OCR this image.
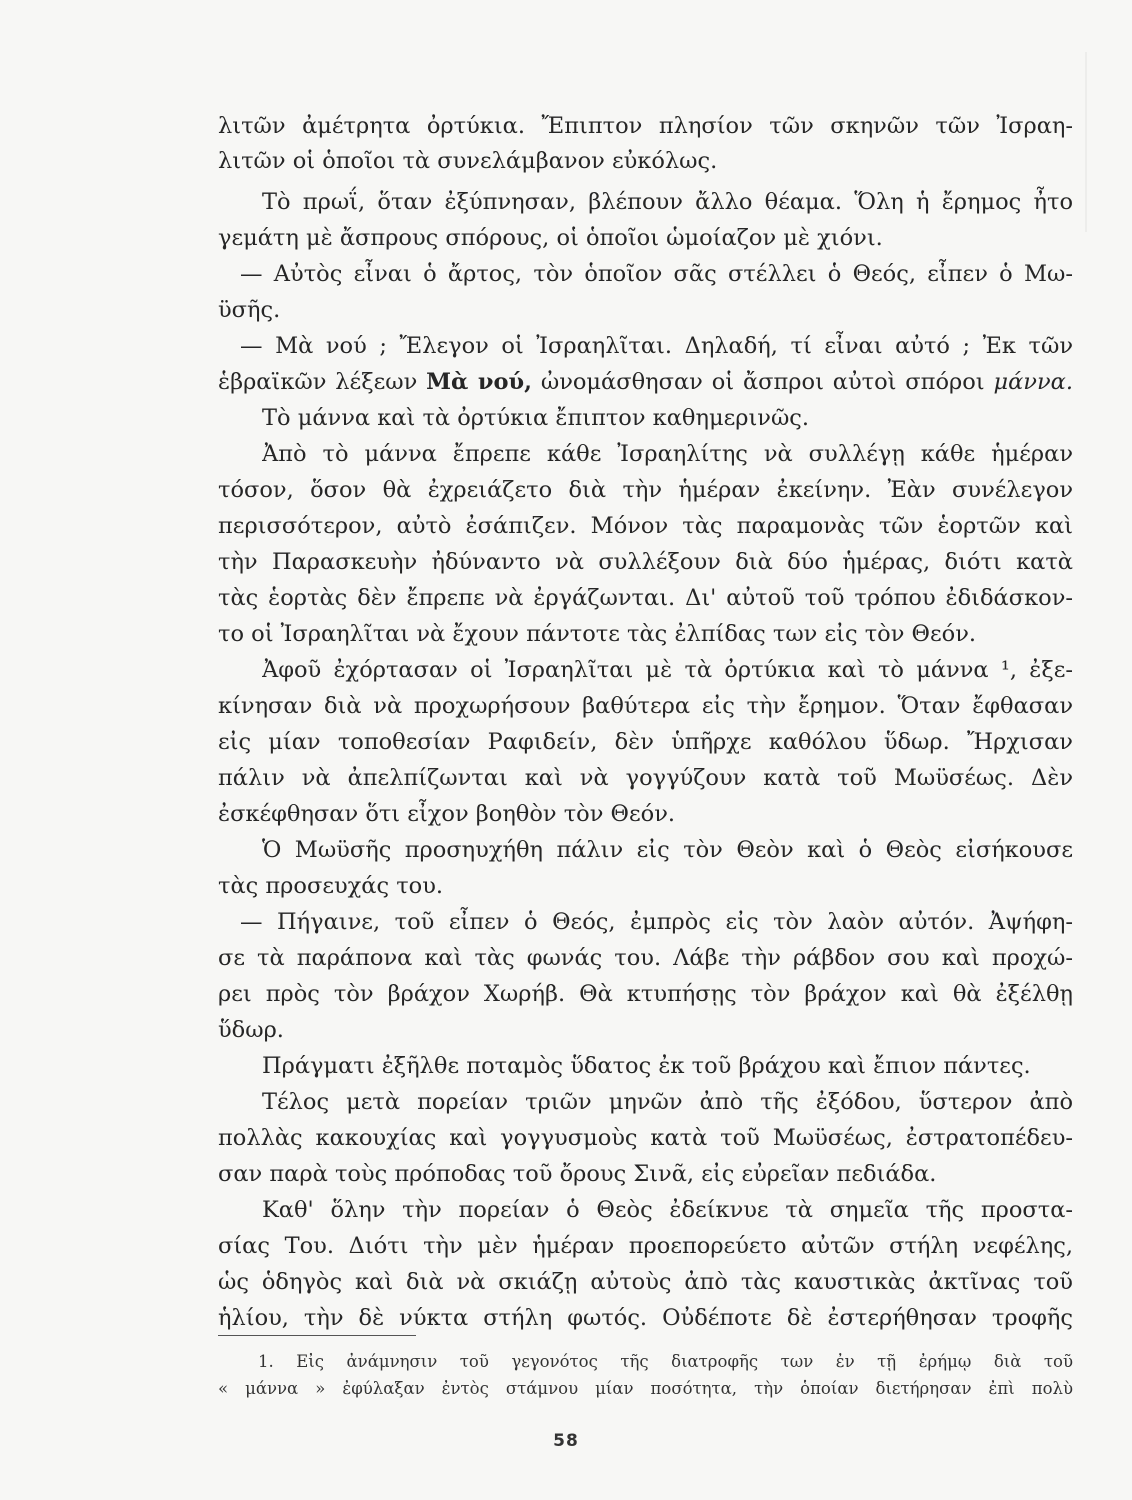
λιτῶν ἀμέτρητα ὀρτύκια. Ἔπιπτον πλησίον τῶν σκηνῶν τῶν Ἰσραη-
λιτῶν οἱ ὁποῖοι τὰ συνελάμβανον εὐκόλως.
Τὸ πρωΐ, ὅταν ἐξύπνησαν, βλέπουν ἄλλο θέαμα. Ὅλη ἡ ἔρημος ἦτο
γεμάτη μὲ ἄσπρους σπόρους, οἱ ὁποῖοι ὡμοίαζον μὲ χιόνι.
— Αὐτὸς εἶναι ὁ ἄρτος, τὸν ὁποῖον σᾶς στέλλει ὁ Θεός, εἶπεν ὁ Μω-
ϋσῆς.
— Μὰ νού ; Ἔλεγον οἱ Ἰσραηλῖται. Δηλαδή, τί εἶναι αὐτό ; Ἐκ τῶν
ἑβραϊκῶν λέξεων Μὰ νού, ὠνομάσθησαν οἱ ἄσπροι αὐτοὶ σπόροι μάννα.
Τὸ μάννα καὶ τὰ ὀρτύκια ἔπιπτον καθημερινῶς.
Ἀπὸ τὸ μάννα ἔπρεπε κάθε Ἰσραηλίτης νὰ συλλέγῃ κάθε ἡμέραν
τόσον, ὅσον θὰ ἐχρειάζετο διὰ τὴν ἡμέραν ἐκείνην. Ἐὰν συνέλεγον
περισσότερον, αὐτὸ ἐσάπιζεν. Μόνον τὰς παραμονὰς τῶν ἑορτῶν καὶ
τὴν Παρασκευὴν ἠδύναντο νὰ συλλέξουν διὰ δύο ἡμέρας, διότι κατὰ
τὰς ἑορτὰς δὲν ἔπρεπε νὰ ἐργάζωνται. Δι' αὐτοῦ τοῦ τρόπου ἐδιδάσκον-
το οἱ Ἰσραηλῖται νὰ ἔχουν πάντοτε τὰς ἐλπίδας των εἰς τὸν Θεόν.
Ἀφοῦ ἐχόρτασαν οἱ Ἰσραηλῖται μὲ τὰ ὀρτύκια καὶ τὸ μάννα ¹, ἐξε-
κίνησαν διὰ νὰ προχωρήσουν βαθύτερα εἰς τὴν ἔρημον. Ὅταν ἔφθασαν
εἰς μίαν τοποθεσίαν Ραφιδείν, δὲν ὑπῆρχε καθόλου ὕδωρ. Ἤρχισαν
πάλιν νὰ ἀπελπίζωνται καὶ νὰ γογγύζουν κατὰ τοῦ Μωϋσέως. Δὲν
ἐσκέφθησαν ὅτι εἶχον βοηθὸν τὸν Θεόν.
Ὁ Μωϋσῆς προσηυχήθη πάλιν εἰς τὸν Θεὸν καὶ ὁ Θεὸς εἰσήκουσε
τὰς προσευχάς του.
— Πήγαινε, τοῦ εἶπεν ὁ Θεός, ἐμπρὸς εἰς τὸν λαὸν αὐτόν. Ἀψήφη-
σε τὰ παράπονα καὶ τὰς φωνάς του. Λάβε τὴν ράβδον σου καὶ προχώ-
ρει πρὸς τὸν βράχον Χωρήβ. Θὰ κτυπήσῃς τὸν βράχον καὶ θὰ ἐξέλθῃ
ὕδωρ.
Πράγματι ἐξῆλθε ποταμὸς ὕδατος ἐκ τοῦ βράχου καὶ ἔπιον πάντες.
Τέλος μετὰ πορείαν τριῶν μηνῶν ἀπὸ τῆς ἐξόδου, ὕστερον ἀπὸ
πολλὰς κακουχίας καὶ γογγυσμοὺς κατὰ τοῦ Μωϋσέως, ἐστρατοπέδευ-
σαν παρὰ τοὺς πρόποδας τοῦ ὄρους Σινᾶ, εἰς εὐρεῖαν πεδιάδα.
Καθ' ὅλην τὴν πορείαν ὁ Θεὸς ἐδείκνυε τὰ σημεῖα τῆς προστα-
σίας Του. Διότι τὴν μὲν ἡμέραν προεπορεύετο αὐτῶν στήλη νεφέλης,
ὡς ὁδηγὸς καὶ διὰ νὰ σκιάζῃ αὐτοὺς ἀπὸ τὰς καυστικὰς ἀκτῖνας τοῦ
ἡλίου, τὴν δὲ νύκτα στήλη φωτός. Οὐδέποτε δὲ ἐστερήθησαν τροφῆς
1. Εἰς ἀνάμνησιν τοῦ γεγονότος τῆς διατροφῆς των ἐν τῇ ἐρήμῳ διὰ τοῦ
« μάννα » ἐφύλαξαν ἐντὸς στάμνου μίαν ποσότητα, τὴν ὁποίαν διετήρησαν ἐπὶ πολὺ
58
